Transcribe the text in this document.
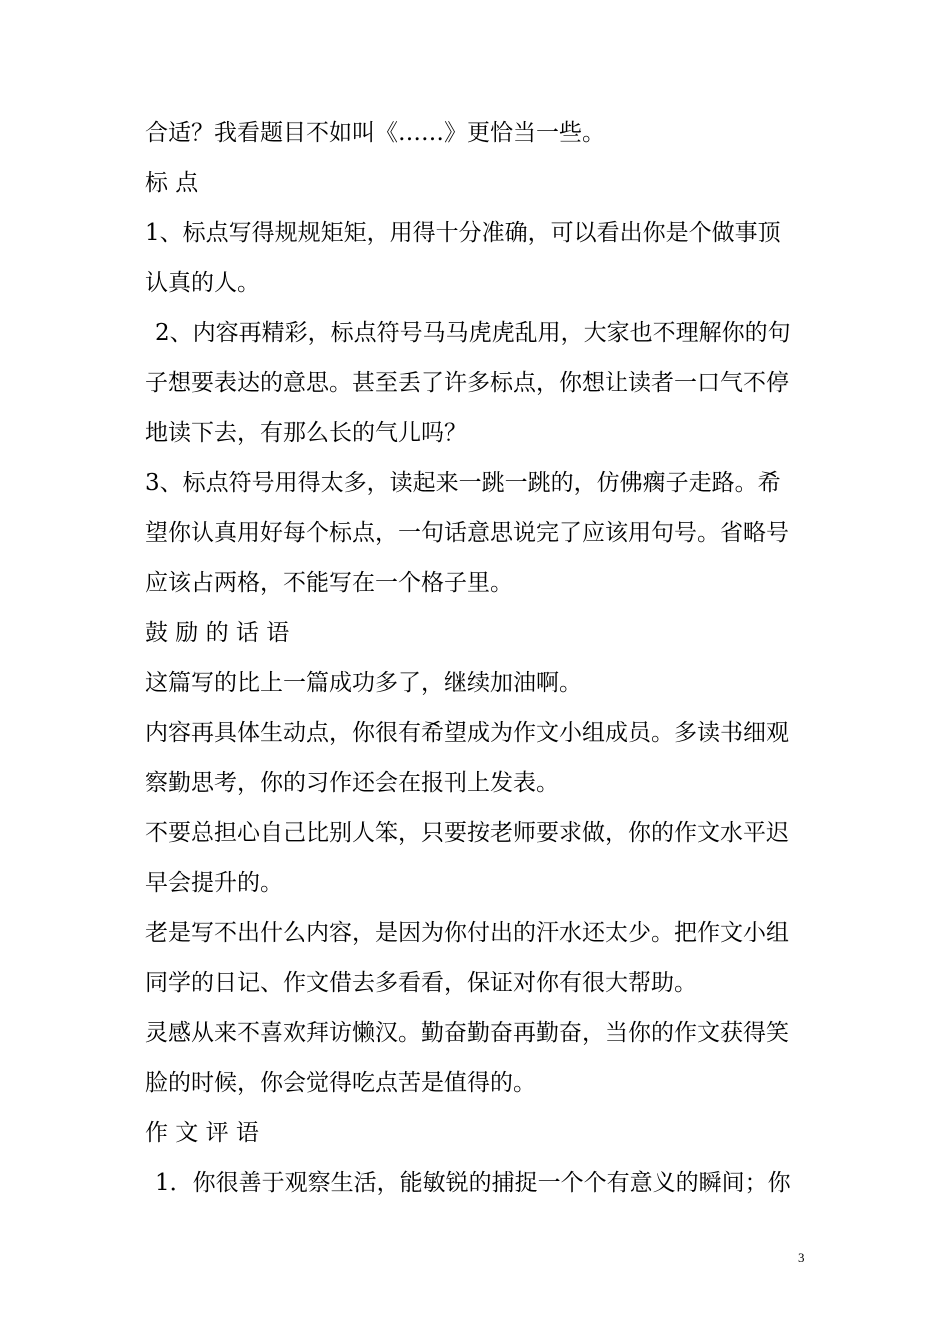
合适？我看题目不如叫《……》更恰当一些。
标 点
1、标点写得规规矩矩，用得十分准确，可以看出你是个做事顶
认真的人。
2、内容再精彩，标点符号马马虎虎乱用，大家也不理解你的句
子想要表达的意思。甚至丢了许多标点，你想让读者一口气不停
地读下去，有那么长的气儿吗？
3、标点符号用得太多，读起来一跳一跳的，仿佛瘸子走路。希
望你认真用好每个标点，一句话意思说完了应该用句号。省略号
应该占两格，不能写在一个格子里。
鼓 励 的 话 语
这篇写的比上一篇成功多了，继续加油啊。
内容再具体生动点，你很有希望成为作文小组成员。多读书细观
察勤思考，你的习作还会在报刊上发表。
不要总担心自己比别人笨，只要按老师要求做，你的作文水平迟
早会提升的。
老是写不出什么内容，是因为你付出的汗水还太少。把作文小组
同学的日记、作文借去多看看，保证对你有很大帮助。
灵感从来不喜欢拜访懒汉。勤奋勤奋再勤奋，当你的作文获得笑
脸的时候，你会觉得吃点苦是值得的。
作 文 评 语
1．你很善于观察生活，能敏锐的捕捉一个个有意义的瞬间；你
3
